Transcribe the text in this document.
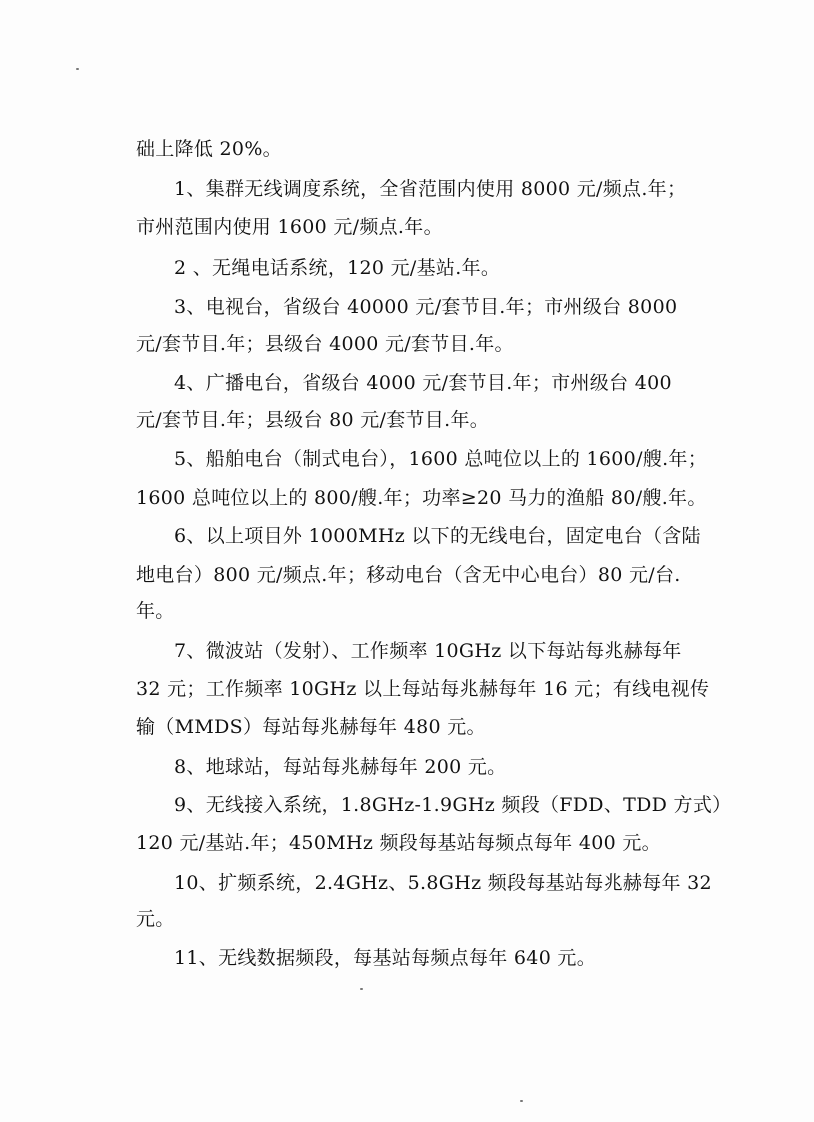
础上降低 20%。
1、集群无线调度系统，全省范围内使用 8000 元/频点.年；
市州范围内使用 1600 元/频点.年。
2 、无绳电话系统，120 元/基站.年。
3、电视台，省级台 40000 元/套节目.年；市州级台 8000
元/套节目.年；县级台 4000 元/套节目.年。
4、广播电台，省级台 4000 元/套节目.年；市州级台 400
元/套节目.年；县级台 80 元/套节目.年。
5、船舶电台（制式电台），1600 总吨位以上的 1600/艘.年；
1600 总吨位以上的 800/艘.年；功率≥20 马力的渔船 80/艘.年。
6、以上项目外 1000MHz 以下的无线电台，固定电台（含陆
地电台）800 元/频点.年；移动电台（含无中心电台）80 元/台.
年。
7、微波站（发射）、工作频率 10GHz 以下每站每兆赫每年
32 元；工作频率 10GHz 以上每站每兆赫每年 16 元；有线电视传
输（MMDS）每站每兆赫每年 480 元。
8、地球站，每站每兆赫每年 200 元。
9、无线接入系统，1.8GHz-1.9GHz 频段（FDD、TDD 方式）
120 元/基站.年；450MHz 频段每基站每频点每年 400 元。
10、扩频系统，2.4GHz、5.8GHz 频段每基站每兆赫每年 32
元。
11、无线数据频段，每基站每频点每年 640 元。
